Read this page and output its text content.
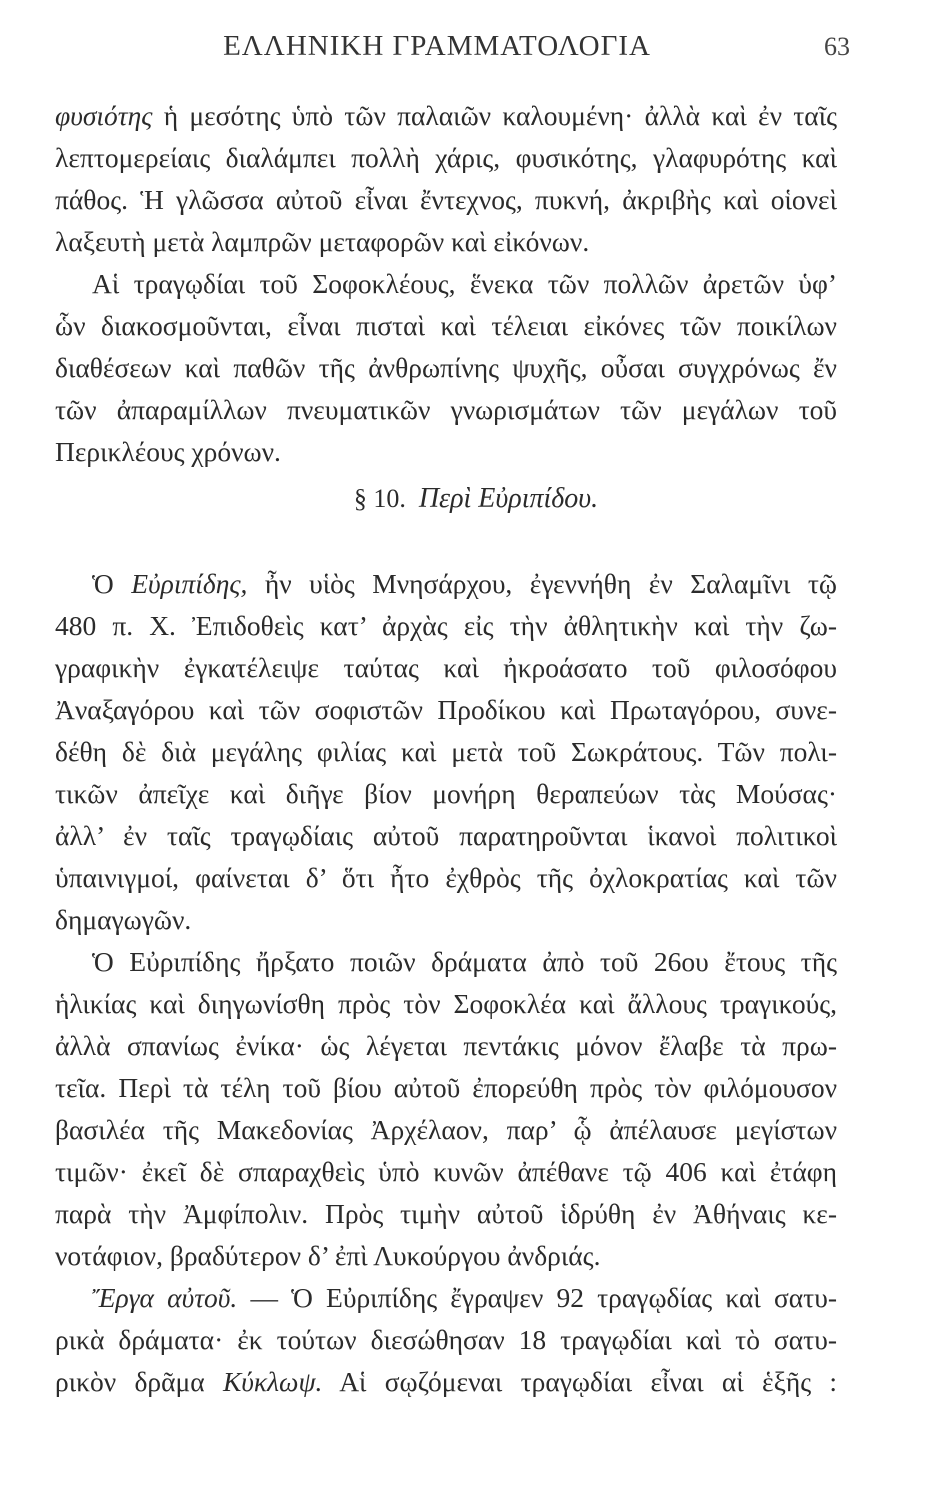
ΕΛΛΗΝΙΚΗ ΓΡΑΜΜΑΤΟΛΟΓΙΑ	63
φυσιότης ἡ μεσότης ὑπὸ τῶν παλαιῶν καλουμένη· ἀλλὰ καὶ ἐν ταῖς
λεπτομερείαις διαλάμπει πολλὴ χάρις, φυσικότης, γλαφυρότης καὶ
πάθος. Ἡ γλῶσσα αὐτοῦ εἶναι ἔντεχνος, πυκνή, ἀκριβὴς καὶ οἱονεὶ
λαξευτὴ μετὰ λαμπρῶν μεταφορῶν καὶ εἰκόνων.
Αἱ τραγῳδίαι τοῦ Σοφοκλέους, ἕνεκα τῶν πολλῶν ἀρετῶν ὑφ’
ὧν διακοσμοῦνται, εἶναι πισταὶ καὶ τέλειαι εἰκόνες τῶν ποικίλων
διαθέσεων καὶ παθῶν τῆς ἀνθρωπίνης ψυχῆς, οὖσαι συγχρόνως ἔν
τῶν ἀπαραμίλλων πνευματικῶν γνωρισμάτων τῶν μεγάλων τοῦ
Περικλέους χρόνων.
§ 10. Περὶ Εὐριπίδου.
Ὁ Εὐριπίδης, ἦν υἱὸς Μνησάρχου, ἐγεννήθη ἐν Σαλαμῖνι τῷ
480 π. Χ. Ἐπιδοθεὶς κατ’ ἀρχὰς εἰς τὴν ἀθλητικὴν καὶ τὴν ζω-
γραφικὴν ἐγκατέλειψε ταύτας καὶ ἠκροάσατο τοῦ φιλοσόφου
Ἀναξαγόρου καὶ τῶν σοφιστῶν Προδίκου καὶ Πρωταγόρου, συνε-
δέθη δὲ διὰ μεγάλης φιλίας καὶ μετὰ τοῦ Σωκράτους. Τῶν πολι-
τικῶν ἀπεῖχε καὶ διῆγε βίον μονήρη θεραπεύων τὰς Μούσας·
ἀλλ’ ἐν ταῖς τραγῳδίαις αὐτοῦ παρατηροῦνται ἱκανοὶ πολιτικοὶ
ὑπαινιγμοί, φαίνεται δ’ ὅτι ἦτο ἐχθρὸς τῆς ὀχλοκρατίας καὶ τῶν
δημαγωγῶν.
Ὁ Εὐριπίδης ἤρξατο ποιῶν δράματα ἀπὸ τοῦ 26ου ἔτους τῆς
ἡλικίας καὶ διηγωνίσθη πρὸς τὸν Σοφοκλέα καὶ ἄλλους τραγικούς,
ἀλλὰ σπανίως ἐνίκα· ὡς λέγεται πεντάκις μόνον ἔλαβε τὰ πρω-
τεῖα. Περὶ τὰ τέλη τοῦ βίου αὐτοῦ ἐπορεύθη πρὸς τὸν φιλόμουσον
βασιλέα τῆς Μακεδονίας Ἀρχέλαον, παρ’ ᾧ ἀπέλαυσε μεγίστων
τιμῶν· ἐκεῖ δὲ σπαραχθεὶς ὑπὸ κυνῶν ἀπέθανε τῷ 406 καὶ ἐτάφη
παρὰ τὴν Ἀμφίπολιν. Πρὸς τιμὴν αὐτοῦ ἱδρύθη ἐν Ἀθήναις κε-
νοτάφιον, βραδύτερον δ’ ἐπὶ Λυκούργου ἀνδριάς.
Ἔργα αὐτοῦ. — Ὁ Εὐριπίδης ἔγραψεν 92 τραγῳδίας καὶ σατυ-
ρικὰ δράματα· ἐκ τούτων διεσώθησαν 18 τραγῳδίαι καὶ τὸ σατυ-
ρικὸν δρᾶμα Κύκλωψ. Αἱ σῳζόμεναι τραγῳδίαι εἶναι αἱ ἑξῆς :
